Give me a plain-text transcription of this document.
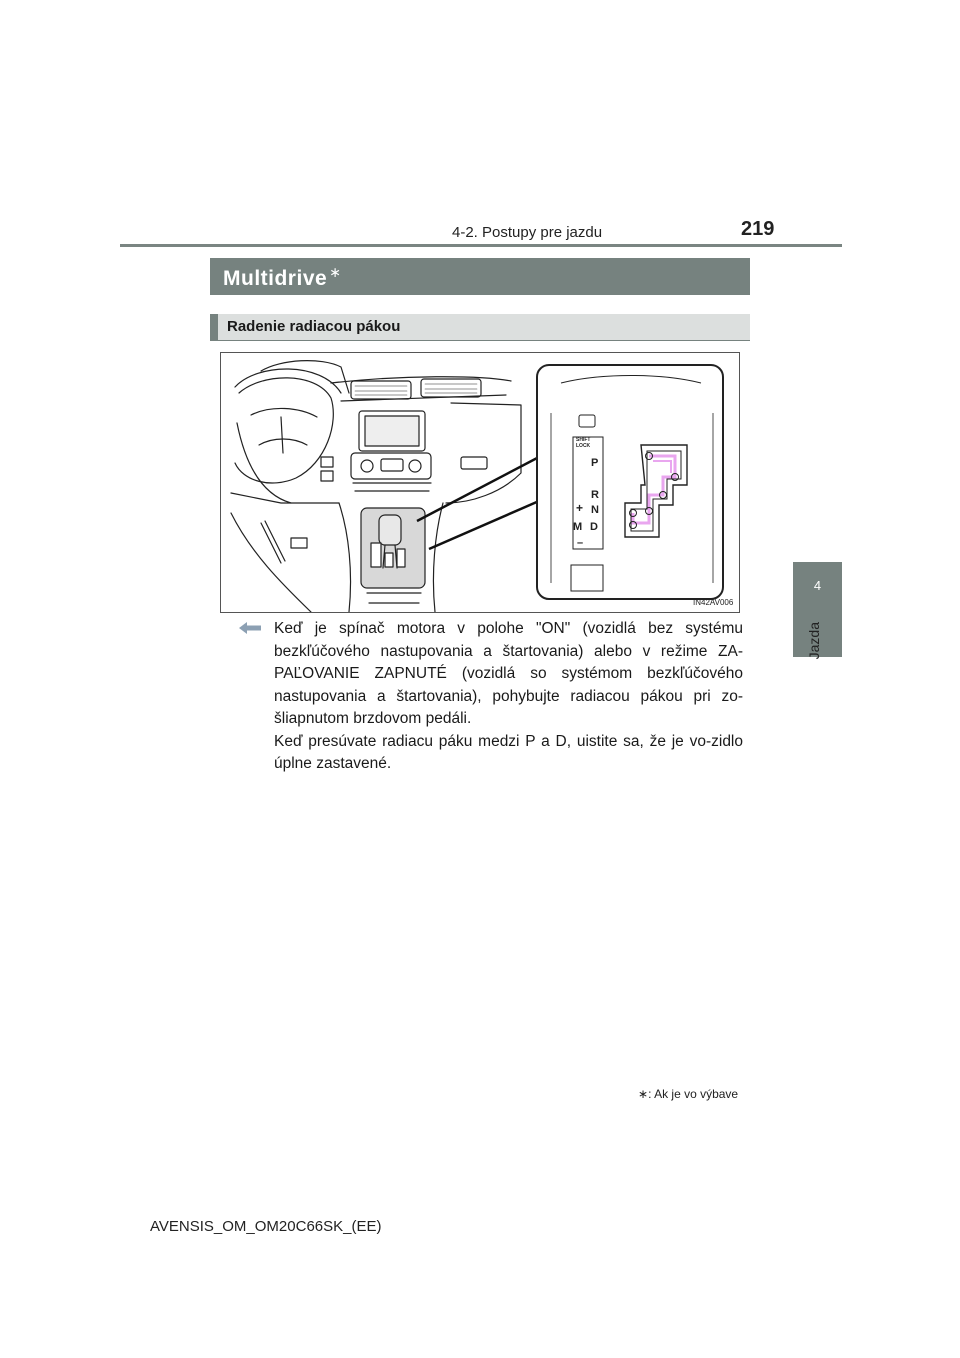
4-2. Postupy pre jazdu	219
4
Jazda
Multidrive ∗
Radenie radiacou pákou
SHIFT
LOCK
P
R
N
D
+
M
–
IN42AV006

Keď je spínač motora v polohe "ON" (vozidlá bez systému bezkľúčového nastupovania a štartovania) alebo v režime ZA-PAĽOVANIE ZAPNUTÉ (vozidlá so systémom bezkľúčového nastupovania a štartovania), pohybujte radiacou pákou pri zo-šliapnutom brzdovom pedáli.

Keď presúvate radiacu páku medzi P a D, uistite sa, že je vo-zidlo úplne zastavené.

∗: Ak je vo výbave
AVENSIS_OM_OM20C66SK_(EE)
